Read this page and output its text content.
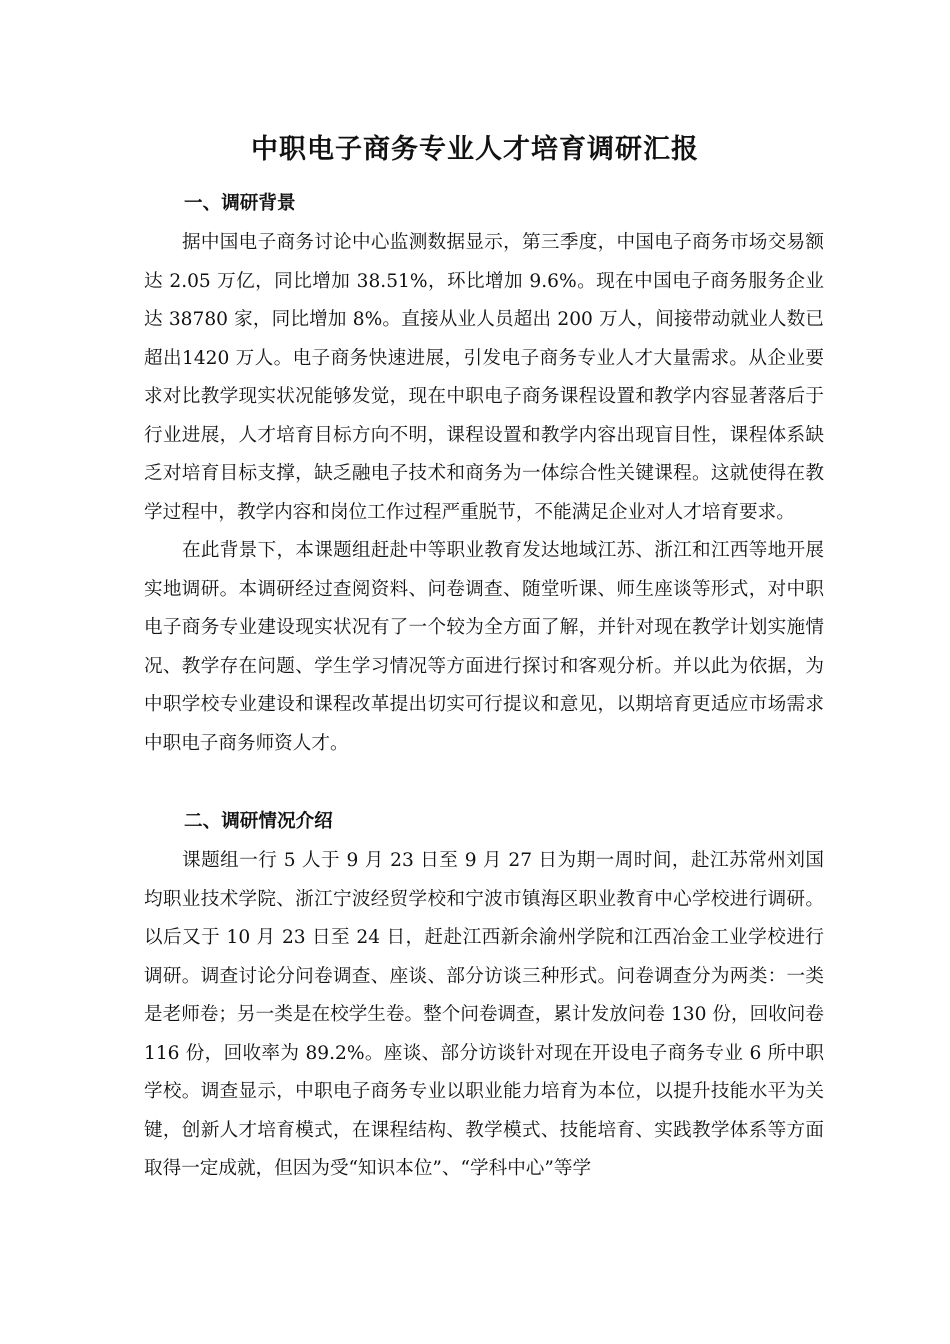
中职电子商务专业人才培育调研汇报
一、调研背景

据中国电子商务讨论中心监测数据显示，第三季度，中国电子商务市场交易额达 2.05 万亿，同比增加 38.51%，环比增加 9.6%。现在中国电子商务服务企业达 38780 家，同比增加 8%。直接从业人员超出 200 万人，间接带动就业人数已超出1420 万人。电子商务快速进展，引发电子商务专业人才大量需求。从企业要求对比教学现实状况能够发觉，现在中职电子商务课程设置和教学内容显著落后于行业进展，人才培育目标方向不明，课程设置和教学内容出现盲目性，课程体系缺乏对培育目标支撑，缺乏融电子技术和商务为一体综合性关键课程。这就使得在教学过程中，教学内容和岗位工作过程严重脱节，不能满足企业对人才培育要求。

在此背景下，本课题组赶赴中等职业教育发达地域江苏、浙江和江西等地开展实地调研。本调研经过查阅资料、问卷调查、随堂听课、师生座谈等形式，对中职电子商务专业建设现实状况有了一个较为全方面了解，并针对现在教学计划实施情况、教学存在问题、学生学习情况等方面进行探讨和客观分析。并以此为依据，为中职学校专业建设和课程改革提出切实可行提议和意见，以期培育更适应市场需求中职电子商务师资人才。

二、调研情况介绍

课题组一行 5 人于 9 月 23 日至 9 月 27 日为期一周时间，赴江苏常州刘国均职业技术学院、浙江宁波经贸学校和宁波市镇海区职业教育中心学校进行调研。以后又于 10 月 23 日至 24 日，赶赴江西新余渝州学院和江西冶金工业学校进行调研。调查讨论分问卷调查、座谈、部分访谈三种形式。问卷调查分为两类：一类是老师卷；另一类是在校学生卷。整个问卷调查，累计发放问卷 130 份，回收问卷 116 份，回收率为 89.2%。座谈、部分访谈针对现在开设电子商务专业 6 所中职学校。调查显示，中职电子商务专业以职业能力培育为本位，以提升技能水平为关键，创新人才培育模式，在课程结构、教学模式、技能培育、实践教学体系等方面取得一定成就，但因为受“知识本位”、“学科中心”等学
